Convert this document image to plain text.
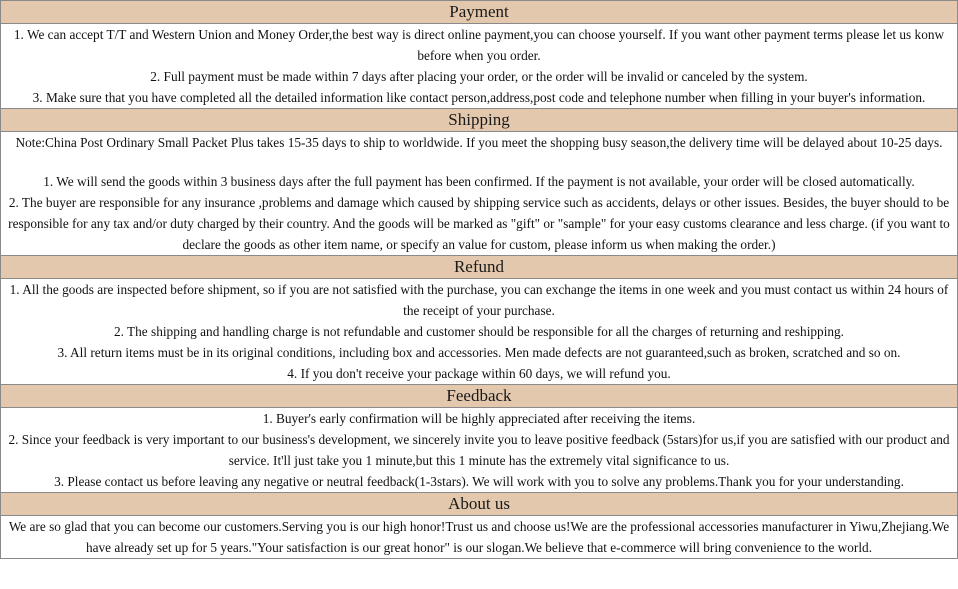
Payment

1. We can accept T/T and Western Union and Money Order,the best way is direct online payment,you can choose yourself. If you want other payment terms please let us konw before when you order.

2. Full payment must be made within 7 days after placing your order, or the order will be invalid or canceled by the system.

3. Make sure that you have completed all the detailed information like contact person,address,post code and telephone number when filling in your buyer's information.

Shipping

Note:China Post Ordinary Small Packet Plus takes 15-35 days to ship to worldwide. If you meet the shopping busy season,the delivery time will be delayed about 10-25 days.

1. We will send the goods within 3 business days after the full payment has been confirmed. If the payment is not available, your order will be closed automatically.

2. The buyer are responsible for any insurance ,problems and damage which caused by shipping service such as accidents, delays or other issues. Besides, the buyer should to be responsible for any tax and/or duty charged by their country. And the goods will be marked as "gift" or "sample" for your easy customs clearance and less charge. (if you want to declare the goods as other item name, or specify an value for custom, please inform us when making the order.)

Refund

1. All the goods are inspected before shipment, so if you are not satisfied with the purchase, you can exchange the items in one week and you must contact us within 24 hours of the receipt of your purchase.

2. The shipping and handling charge is not refundable and customer should be responsible for all the charges of returning and reshipping.

3. All return items must be in its original conditions, including box and accessories. Men made defects are not guaranteed,such as broken, scratched and so on.

4. If you don't receive your package within 60 days, we will refund you.

Feedback

1. Buyer's early confirmation will be highly appreciated after receiving the items.

2. Since your feedback is very important to our business's development, we sincerely invite you to leave positive feedback (5stars)for us,if you are satisfied with our product and service. It'll just take you 1 minute,but this 1 minute has the extremely vital significance to us.

3. Please contact us before leaving any negative or neutral feedback(1-3stars). We will work with you to solve any problems.Thank you for your understanding.

About us

We are so glad that you can become our customers.Serving you is our high honor!Trust us and choose us!We are the professional accessories manufacturer in Yiwu,Zhejiang.We have already set up for 5 years."Your satisfaction is our great honor" is our slogan.We believe that e-commerce will bring convenience to the world.
